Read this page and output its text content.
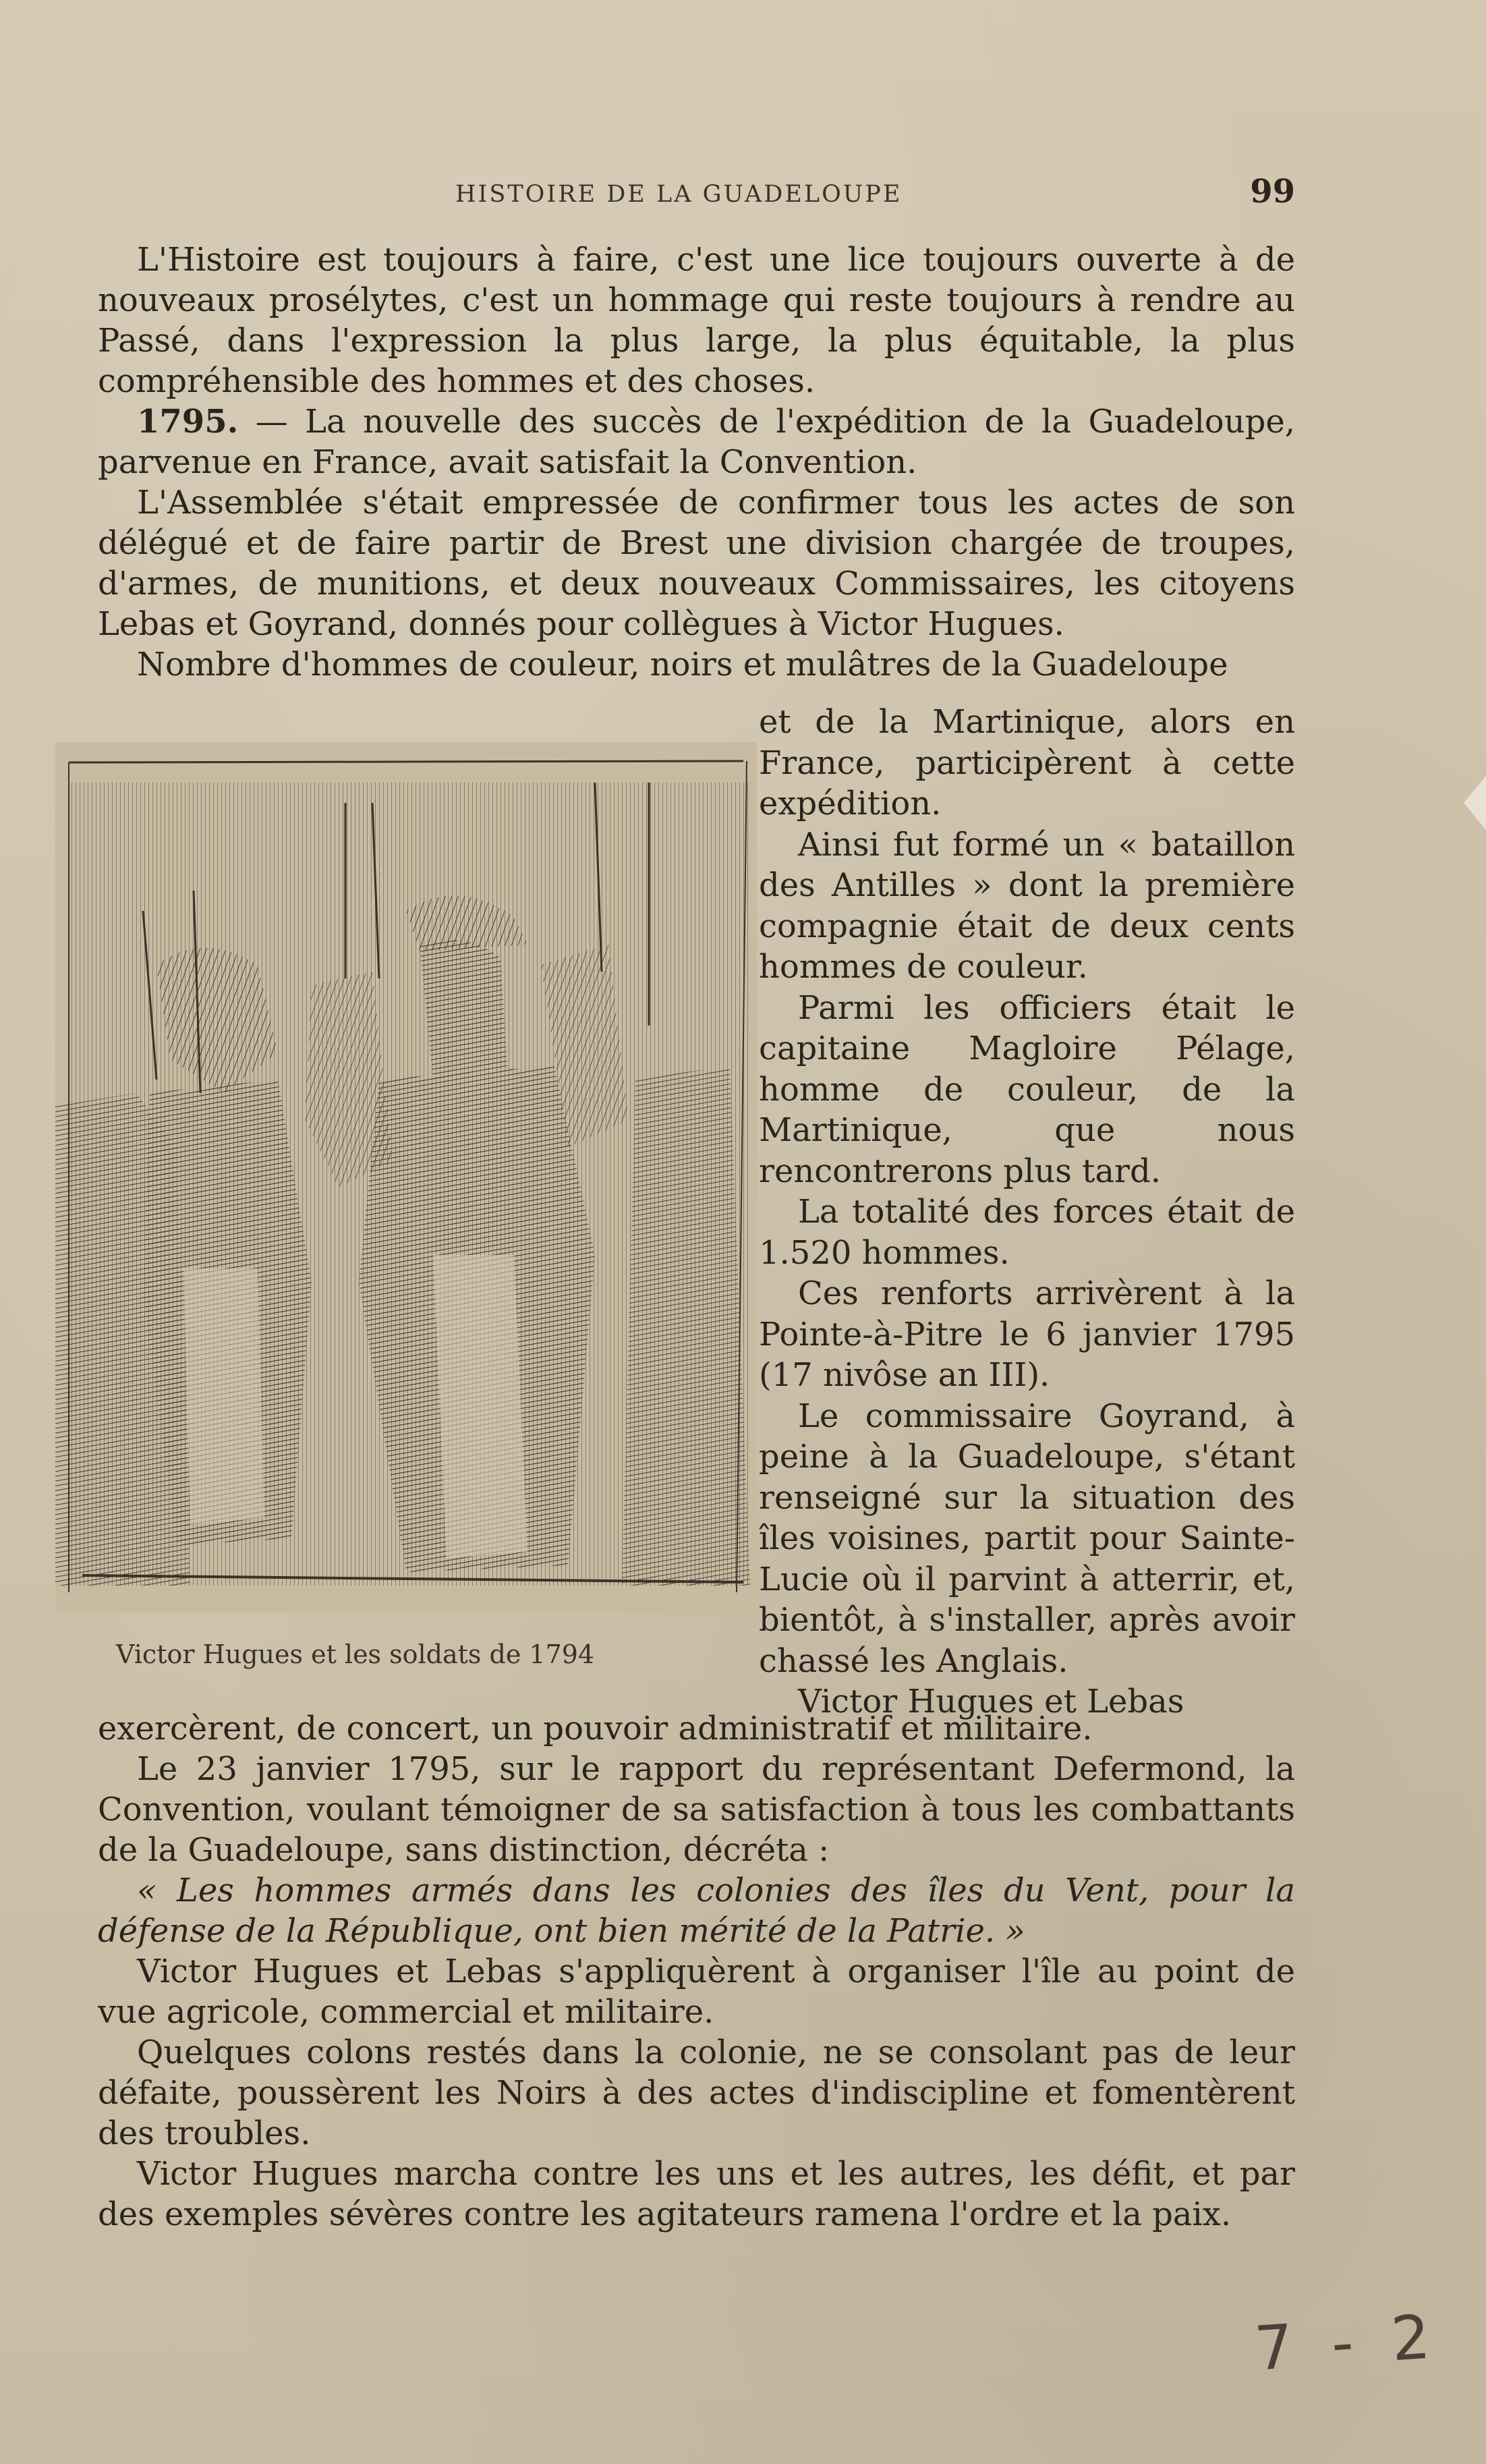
HISTOIRE DE LA GUADELOUPE	99

L'Histoire est toujours à faire, c'est une lice toujours ouverte à de nouveaux prosélytes, c'est un hommage qui reste toujours à rendre au Passé, dans l'expression la plus large, la plus équitable, la plus compréhensible des hommes et des choses.

1795. — La nouvelle des succès de l'expédition de la Guadeloupe, parvenue en France, avait satisfait la Convention.

L'Assemblée s'était empressée de confirmer tous les actes de son délégué et de faire partir de Brest une division chargée de troupes, d'armes, de munitions, et deux nouveaux Commissaires, les citoyens Lebas et Goyrand, donnés pour collègues à Victor Hugues.

Nombre d'hommes de couleur, noirs et mulâtres de la Guadeloupe

Victor Hugues et les soldats de 1794

et de la Martinique, alors en France, participèrent à cette expédition.

Ainsi fut formé un « bataillon des Antilles » dont la première compagnie était de deux cents hommes de couleur.

Parmi les officiers était le capitaine Magloire Pélage, homme de couleur, de la Martinique, que nous rencontrerons plus tard.

La totalité des forces était de 1.520 hommes.

Ces renforts arrivèrent à la Pointe-à-Pitre le 6 janvier 1795 (17 nivôse an III).

Le commissaire Goyrand, à peine à la Guadeloupe, s'étant renseigné sur la situation des îles voisines, partit pour Sainte-Lucie où il parvint à atterrir, et, bientôt, à s'installer, après avoir chassé les Anglais.

Victor Hugues et Lebas

exercèrent, de concert, un pouvoir administratif et militaire.

Le 23 janvier 1795, sur le rapport du représentant Defermond, la Convention, voulant témoigner de sa satisfaction à tous les combattants de la Guadeloupe, sans distinction, décréta :

« Les hommes armés dans les colonies des îles du Vent, pour la défense de la République, ont bien mérité de la Patrie. »

Victor Hugues et Lebas s'appliquèrent à organiser l'île au point de vue agricole, commercial et militaire.

Quelques colons restés dans la colonie, ne se consolant pas de leur défaite, poussèrent les Noirs à des actes d'indiscipline et fomentèrent des troubles.

Victor Hugues marcha contre les uns et les autres, les défit, et par des exemples sévères contre les agitateurs ramena l'ordre et la paix.

7 - 2
